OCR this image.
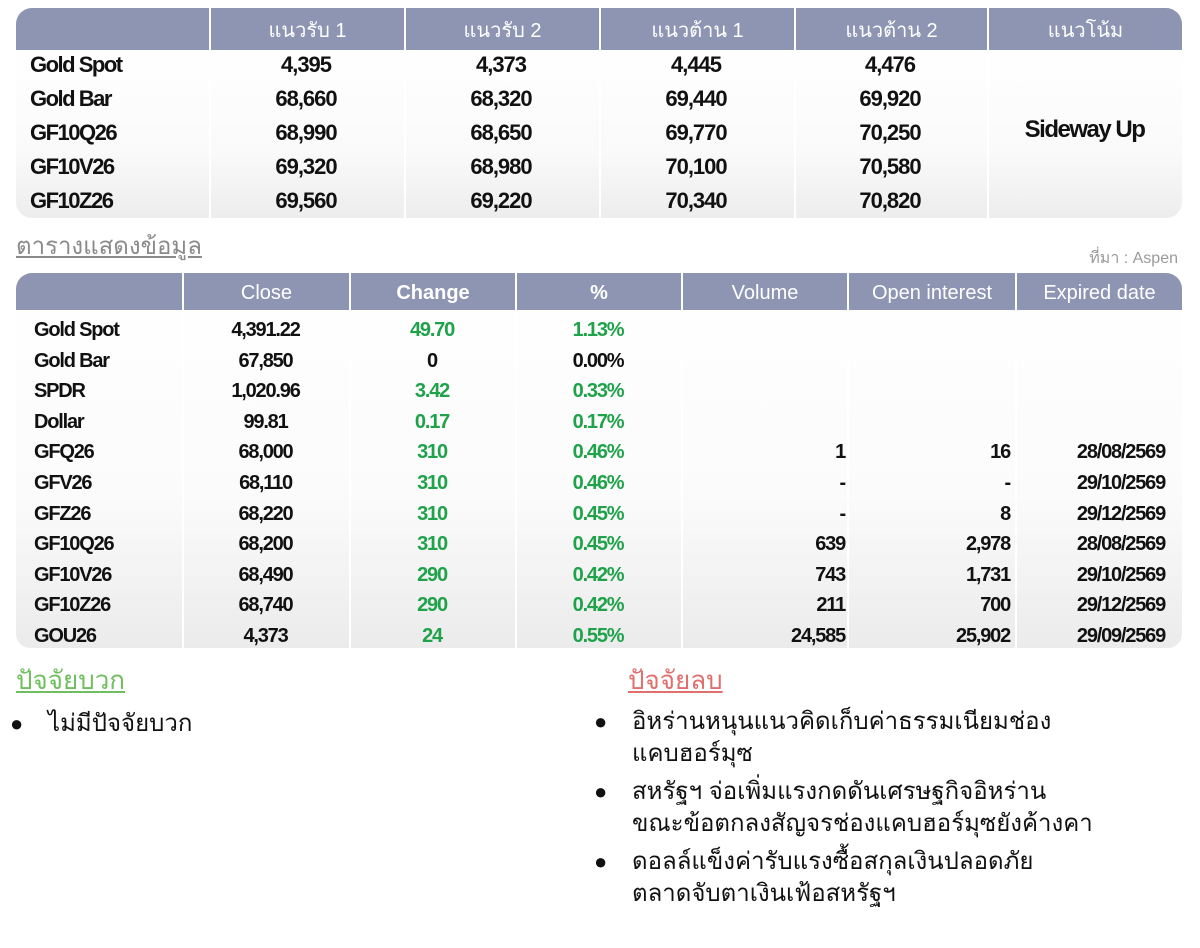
แนวรับ 1	แนวรับ 2	แนวต้าน 1	แนวต้าน 2	แนวโน้ม
Gold Spot	4,395	4,373	4,445	4,476
Gold Bar	68,660	68,320	69,440	69,920
GF10Q26	68,990	68,650	69,770	70,250
GF10V26	69,320	68,980	70,100	70,580
GF10Z26	69,560	69,220	70,340	70,820
Sideway Up
ตารางแสดงข้อมูล	ที่มา : Aspen
Close	Change	%	Volume	Open interest	Expired date
Gold Spot	4,391.22	49.70	1.13%
Gold Bar	67,850	0	0.00%
SPDR	1,020.96	3.42	0.33%
Dollar	99.81	0.17	0.17%
GFQ26	68,000	310	0.46%	1	16	28/08/2569
GFV26	68,110	310	0.46%	-	-	29/10/2569
GFZ26	68,220	310	0.45%	-	8	29/12/2569
GF10Q26	68,200	310	0.45%	639	2,978	28/08/2569
GF10V26	68,490	290	0.42%	743	1,731	29/10/2569
GF10Z26	68,740	290	0.42%	211	700	29/12/2569
GOU26	4,373	24	0.55%	24,585	25,902	29/09/2569
ปัจจัยบวก	ปัจจัยลบ
● ไม่มีปัจจัยบวก	● อิหร่านหนุนแนวคิดเก็บค่าธรรมเนียมช่อง
แคบฮอร์มุซ
● สหรัฐฯ จ่อเพิ่มแรงกดดันเศรษฐกิจอิหร่าน
ขณะข้อตกลงสัญจรช่องแคบฮอร์มุซยังค้างคา
● ดอลล์แข็งค่ารับแรงซื้อสกุลเงินปลอดภัย
ตลาดจับตาเงินเฟ้อสหรัฐฯ
